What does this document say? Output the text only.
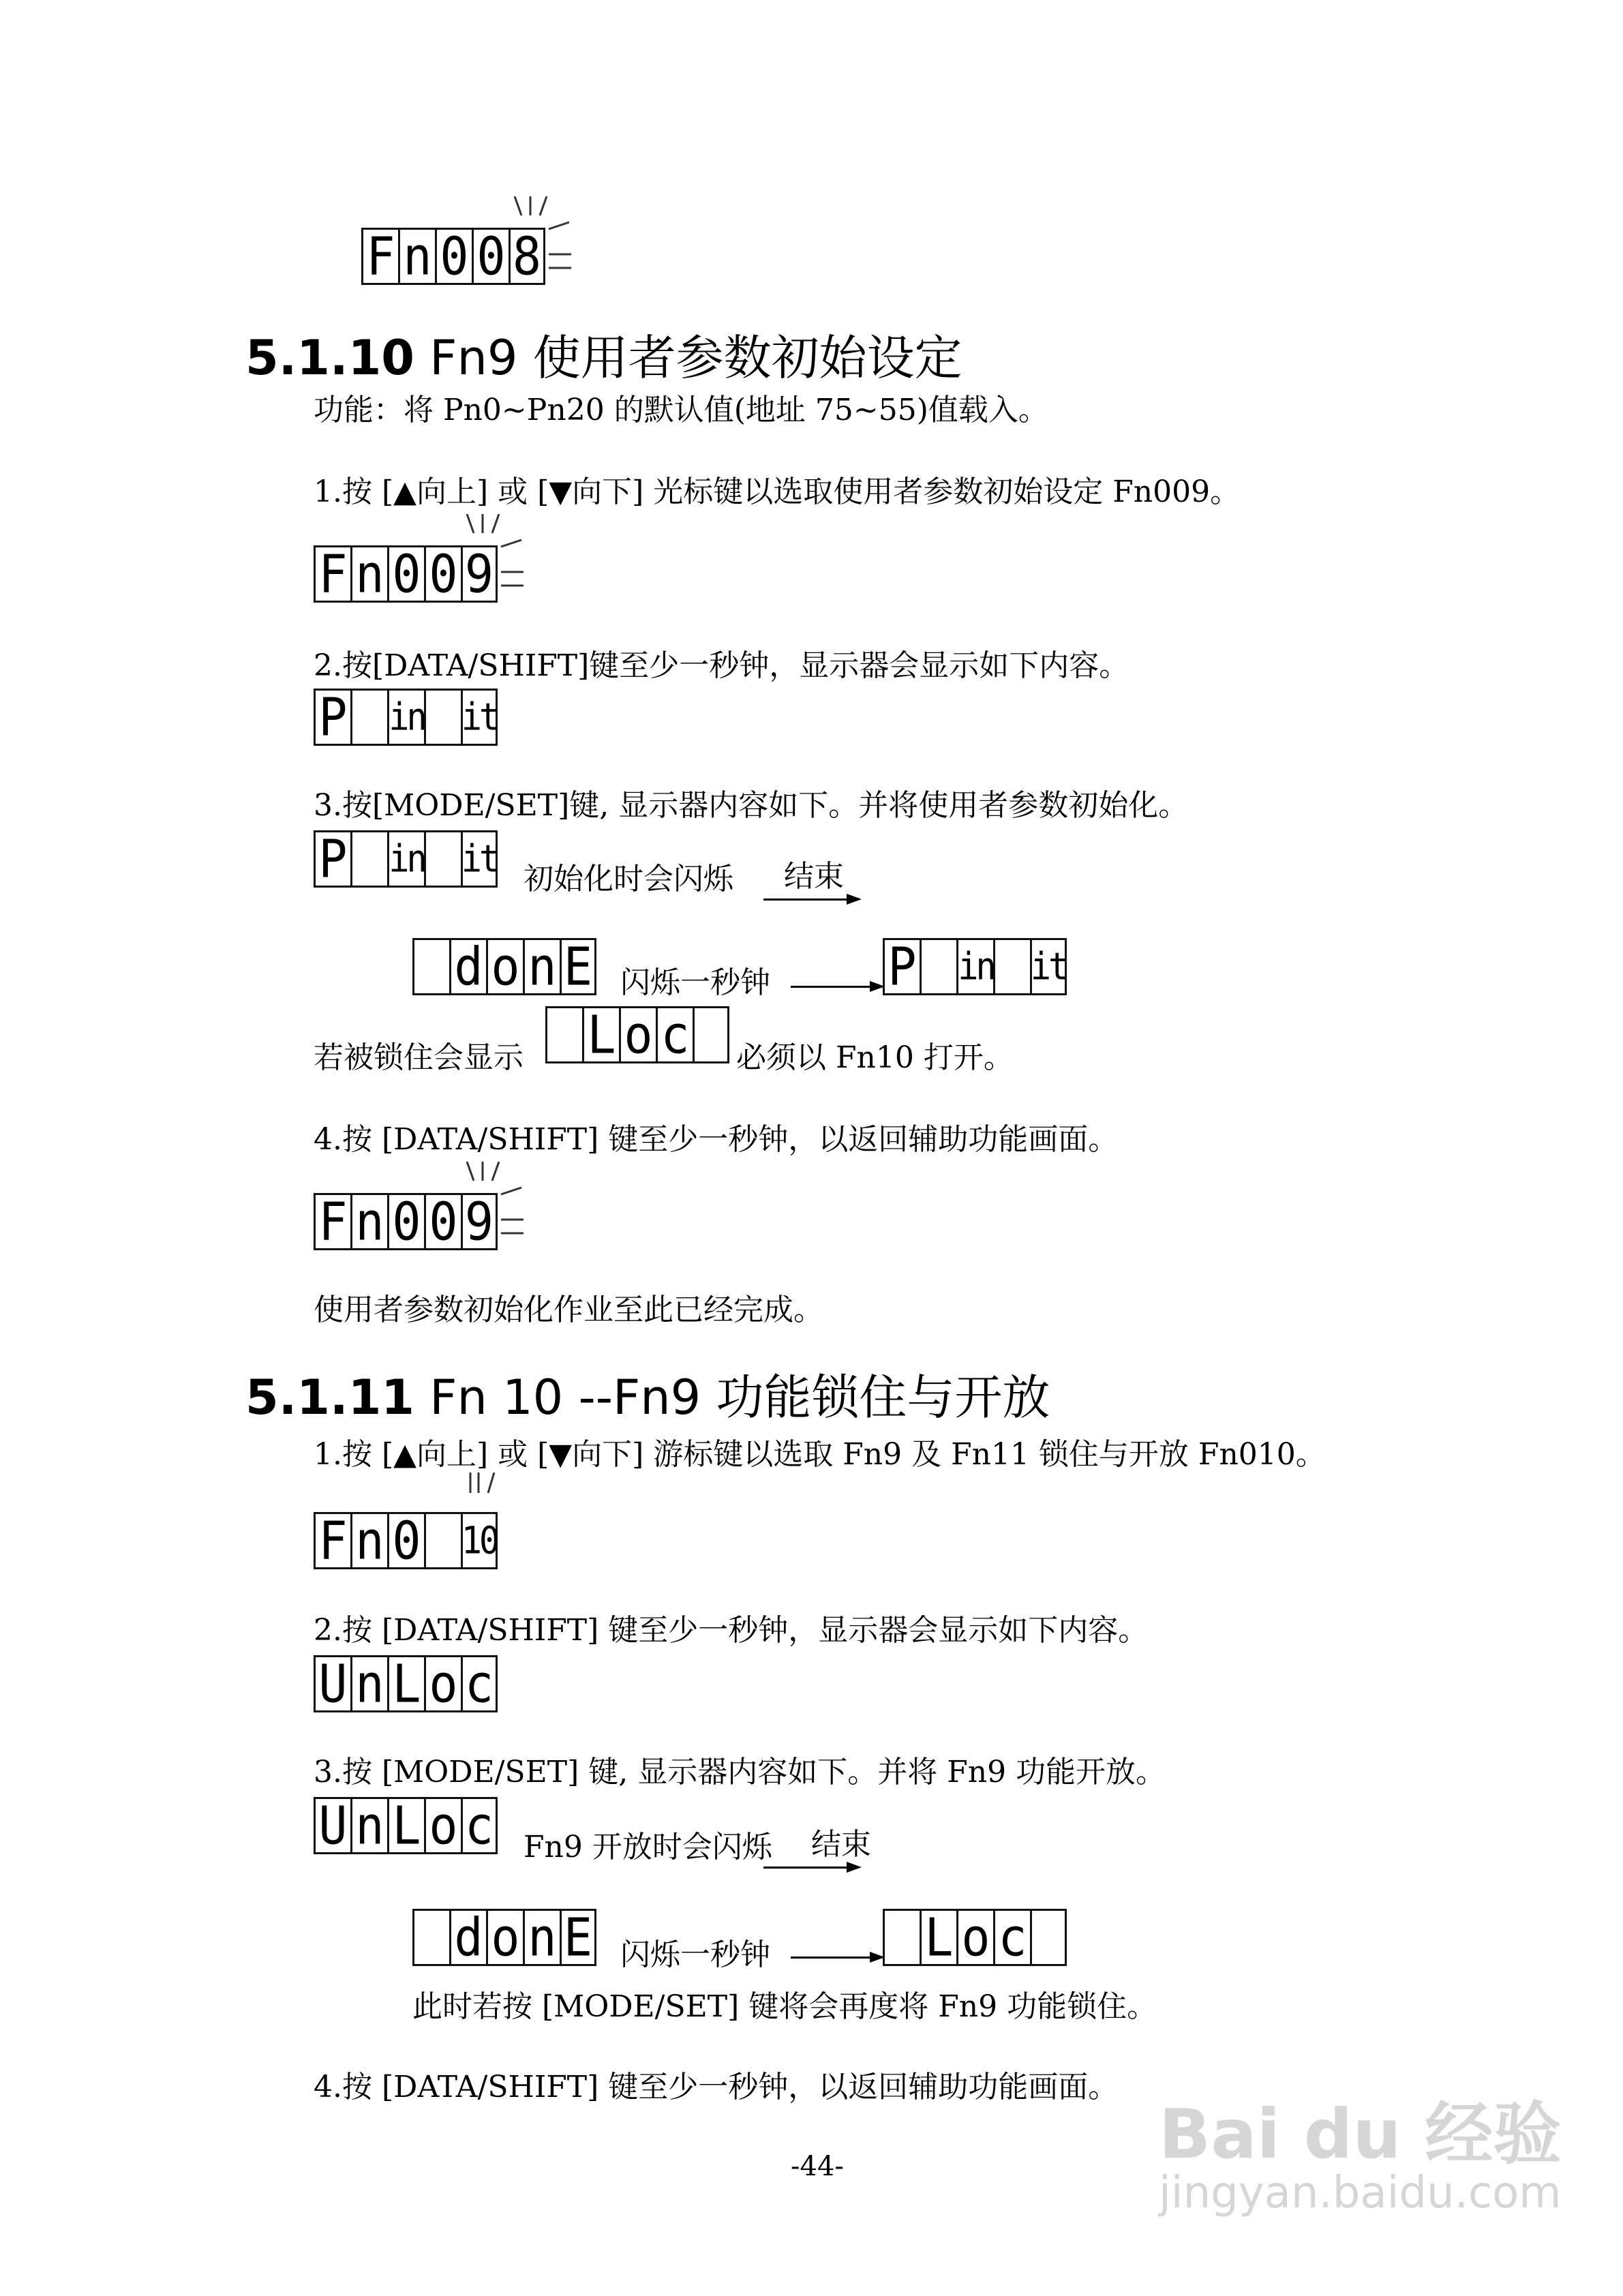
F n 0 0 8
5.1.10 Fn9 使用者参数初始设定
功能：将 Pn0~Pn20 的默认值(地址 75~55)值载入。
1.按 [▲向上] 或 [▼向下] 光标键以选取使用者参数初始设定 Fn009。
F n 0 0 9
2.按[DATA/SHIFT]键至少一秒钟，显示器会显示如下内容。
P in it
3.按[MODE/SET]键, 显示器内容如下。并将使用者参数初始化。
P in it 初始化时会闪烁 结束
d o n E 闪烁一秒钟 P in it
若被锁住会显示 L o c 必须以 Fn10 打开。
4.按 [DATA/SHIFT] 键至少一秒钟，以返回辅助功能画面。
F n 0 0 9
使用者参数初始化作业至此已经完成。
5.1.11 Fn 10 --Fn9 功能锁住与开放
1.按 [▲向上] 或 [▼向下] 游标键以选取 Fn9 及 Fn11 锁住与开放 Fn010。
F n 0 10
2.按 [DATA/SHIFT] 键至少一秒钟，显示器会显示如下内容。
U n L o c
3.按 [MODE/SET] 键, 显示器内容如下。并将 Fn9 功能开放。
U n L o c Fn9 开放时会闪烁 结束
d o n E 闪烁一秒钟	L o c
此时若按 [MODE/SET] 键将会再度将 Fn9 功能锁住。
4.按 [DATA/SHIFT] 键至少一秒钟，以返回辅助功能画面。
-44-	Bai du 经验
jingyan.baidu.com
